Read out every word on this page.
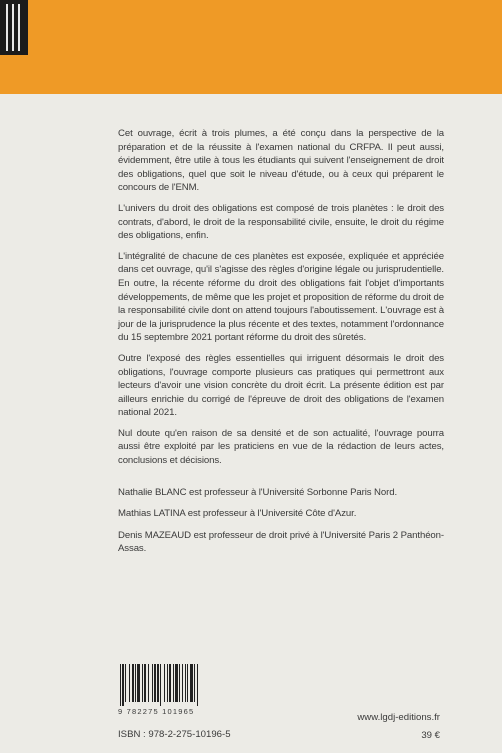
Cet ouvrage, écrit à trois plumes, a été conçu dans la perspective de la préparation et de la réussite à l'examen national du CRFPA. Il peut aussi, évidemment, être utile à tous les étudiants qui suivent l'enseignement de droit des obligations, quel que soit le niveau d'étude, ou à ceux qui préparent le concours de l'ENM.

L'univers du droit des obligations est composé de trois planètes : le droit des contrats, d'abord, le droit de la responsabilité civile, ensuite, le droit du régime des obligations, enfin.

L'intégralité de chacune de ces planètes est exposée, expliquée et appréciée dans cet ouvrage, qu'il s'agisse des règles d'origine légale ou jurisprudentielle. En outre, la récente réforme du droit des obligations fait l'objet d'importants développements, de même que les projet et proposition de réforme du droit de la responsabilité civile dont on attend toujours l'aboutissement. L'ouvrage est à jour de la jurisprudence la plus récente et des textes, notamment l'ordonnance du 15 septembre 2021 portant réforme du droit des sûretés.

Outre l'exposé des règles essentielles qui irriguent désormais le droit des obligations, l'ouvrage comporte plusieurs cas pratiques qui permettront aux lecteurs d'avoir une vision concrète du droit écrit. La présente édition est par ailleurs enrichie du corrigé de l'épreuve de droit des obligations de l'examen national 2021.

Nul doute qu'en raison de sa densité et de son actualité, l'ouvrage pourra aussi être exploité par les praticiens en vue de la rédaction de leurs actes, conclusions et décisions.

Nathalie BLANC est professeur à l'Université Sorbonne Paris Nord.

Mathias LATINA est professeur à l'Université Côte d'Azur.

Denis MAZEAUD est professeur de droit privé à l'Université Paris 2 Panthéon-Assas.

9 782275 101965
ISBN : 978-2-275-10196-5
www.lgdj-editions.fr
39 €
